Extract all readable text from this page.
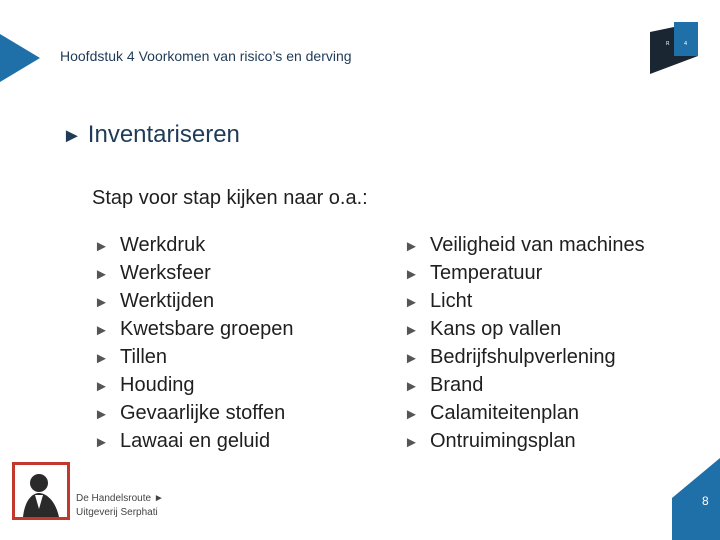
Hoofdstuk 4 Voorkomen van risico’s en derving
R	4
► Inventariseren
Stap voor stap kijken naar o.a.:
► Werkdruk
► Werksfeer
► Werktijden
► Kwetsbare groepen
► Tillen
► Houding
► Gevaarlijke stoffen
► Lawaai en geluid
► Veiligheid van machines
► Temperatuur
► Licht
► Kans op vallen
► Bedrijfshulpverlening
► Brand
► Calamiteitenplan
► Ontruimingsplan
De Handelsroute ►
Uitgeverij Serphati
8
